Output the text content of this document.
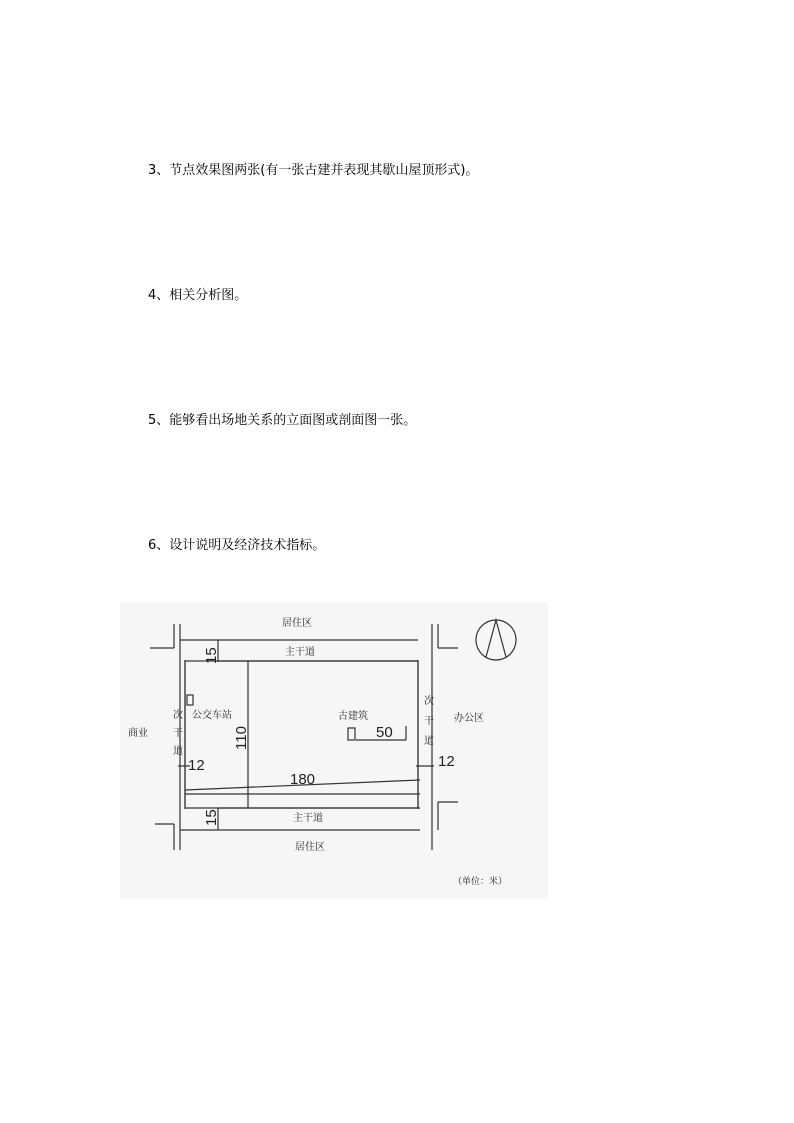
3、节点效果图两张(有一张古建并表现其歇山屋顶形式)。
4、相关分析图。
5、能够看出场地关系的立面图或剖面图一张。
6、设计说明及经济技术指标。
居住区
主干道
主干道
居住区
商业
办公区
公交车站	古建筑
次
干
道
次
干
道
15
15
110
180
50
12	12
（单位：米）
